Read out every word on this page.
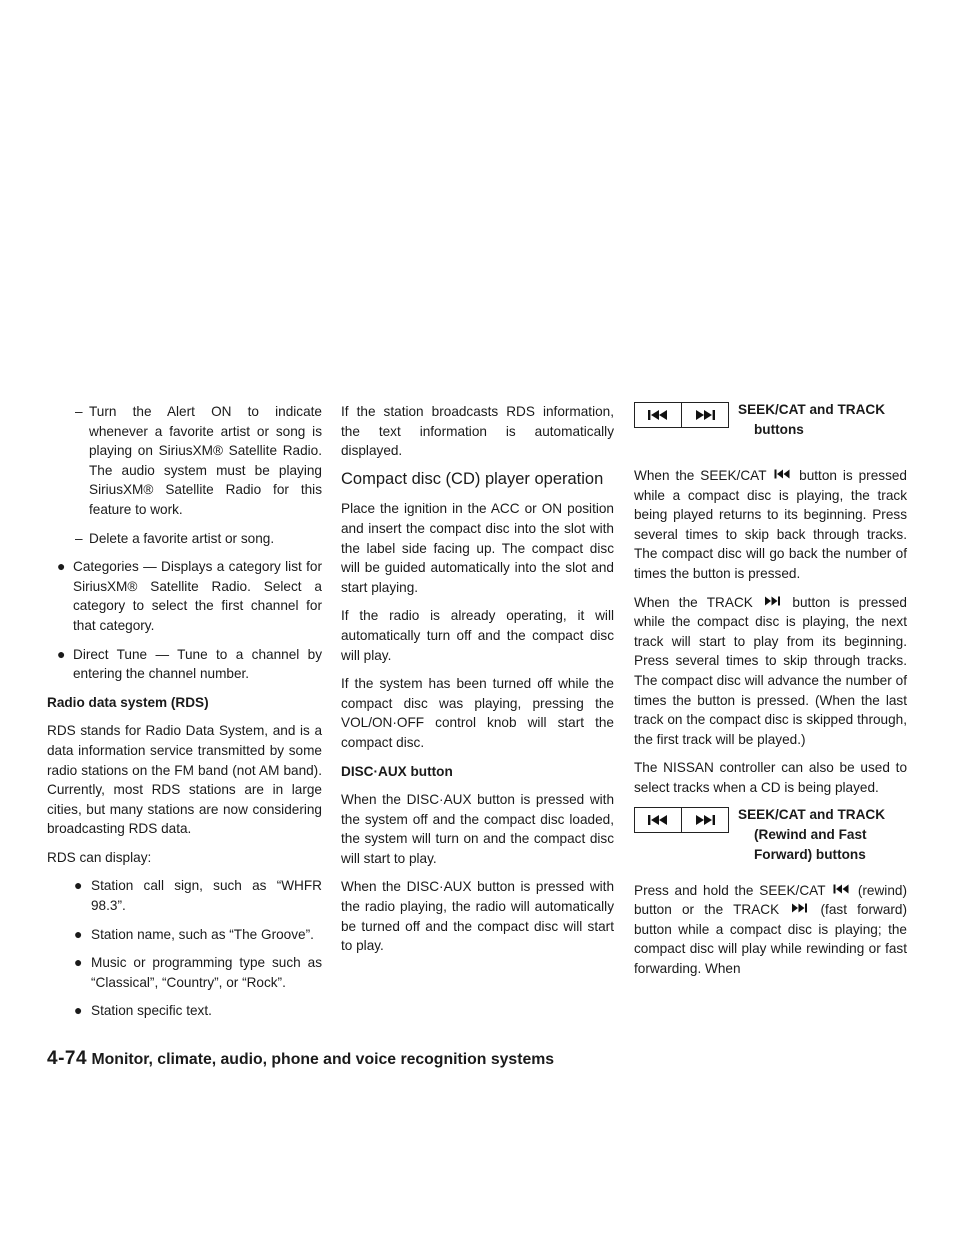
– Turn the Alert ON to indicate whenever a favorite artist or song is playing on SiriusXM® Satellite Radio. The audio system must be playing SiriusXM® Satellite Radio for this feature to work.
– Delete a favorite artist or song.
● Categories — Displays a category list for SiriusXM® Satellite Radio. Select a category to select the first channel for that category.
● Direct Tune — Tune to a channel by entering the channel number.
Radio data system (RDS)

RDS stands for Radio Data System, and is a data information service transmitted by some radio stations on the FM band (not AM band). Currently, most RDS stations are in large cities, but many stations are now considering broadcasting RDS data.

RDS can display:

● Station call sign, such as “WHFR 98.3”.
● Station name, such as “The Groove”.
● Music or programming type such as “Classical”, “Country”, or “Rock”.
● Station specific text.

If the station broadcasts RDS information, the text information is automatically displayed.

Compact disc (CD) player operation

Place the ignition in the ACC or ON position and insert the compact disc into the slot with the label side facing up. The compact disc will be guided automatically into the slot and start playing.

If the radio is already operating, it will automatically turn off and the compact disc will play.

If the system has been turned off while the compact disc was playing, pressing the VOL/ON·OFF control knob will start the compact disc.

DISC·AUX button

When the DISC·AUX button is pressed with the system off and the compact disc loaded, the system will turn on and the compact disc will start to play.

When the DISC·AUX button is pressed with the radio playing, the radio will automatically be turned off and the compact disc will start to play.

SEEK/CAT and TRACK
buttons

When the SEEK/CAT button is pressed while a compact disc is playing, the track being played returns to its beginning. Press several times to skip back through tracks. The compact disc will go back the number of times the button is pressed.

When the TRACK	button is pressed while the compact disc is playing, the next track will start to play from its beginning. Press several times to skip through tracks. The compact disc will advance the number of times the button is pressed. (When the last track on the compact disc is skipped through, the first track will be played.)

The NISSAN controller can also be used to select tracks when a CD is being played.

SEEK/CAT and TRACK
(Rewind and Fast
Forward) buttons

Press and hold the SEEK/CAT (rewind) button or the TRACK	(fast forward) button while a compact disc is playing; the compact disc will play while rewinding or fast forwarding. When

4-74 Monitor, climate, audio, phone and voice recognition systems
